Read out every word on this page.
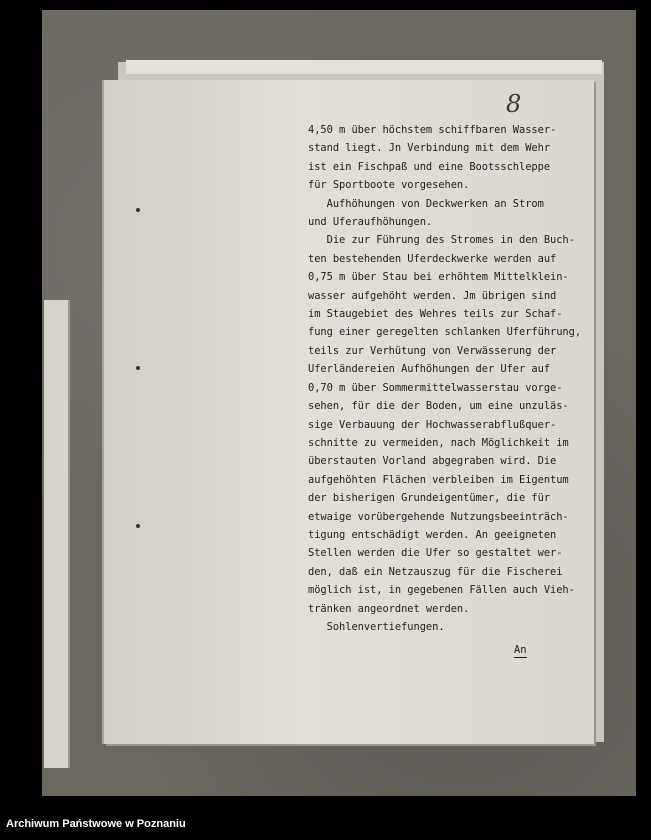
8
4,50 m über höchstem schiffbaren Wasser-
stand liegt. Jn Verbindung mit dem Wehr
ist ein Fischpaß und eine Bootsschleppe
für Sportboote vorgesehen.
Aufhöhungen von Deckwerken an Strom
und Uferaufhöhungen.
Die zur Führung des Stromes in den Buch-
ten bestehenden Uferdeckwerke werden auf
0,75 m über Stau bei erhöhtem Mittelklein-
wasser aufgehöht werden. Jm übrigen sind
im Staugebiet des Wehres teils zur Schaf-
fung einer geregelten schlanken Uferführung,
teils zur Verhütung von Verwässerung der
Uferländereien Aufhöhungen der Ufer auf
0,70 m über Sommermittelwasserstau vorge-
sehen, für die der Boden, um eine unzuläs-
sige Verbauung der Hochwasserabflußquer-
schnitte zu vermeiden, nach Möglichkeit im
überstauten Vorland abgegraben wird. Die
aufgehöhten Flächen verbleiben im Eigentum
der bisherigen Grundeigentümer, die für
etwaige vorübergehende Nutzungsbeeinträch-
tigung entschädigt werden. An geeigneten
Stellen werden die Ufer so gestaltet wer-
den, daß ein Netzauszug für die Fischerei
möglich ist, in gegebenen Fällen auch Vieh-
tränken angeordnet werden.
Sohlenvertiefungen.
An
Archiwum Państwowe w Poznaniu
